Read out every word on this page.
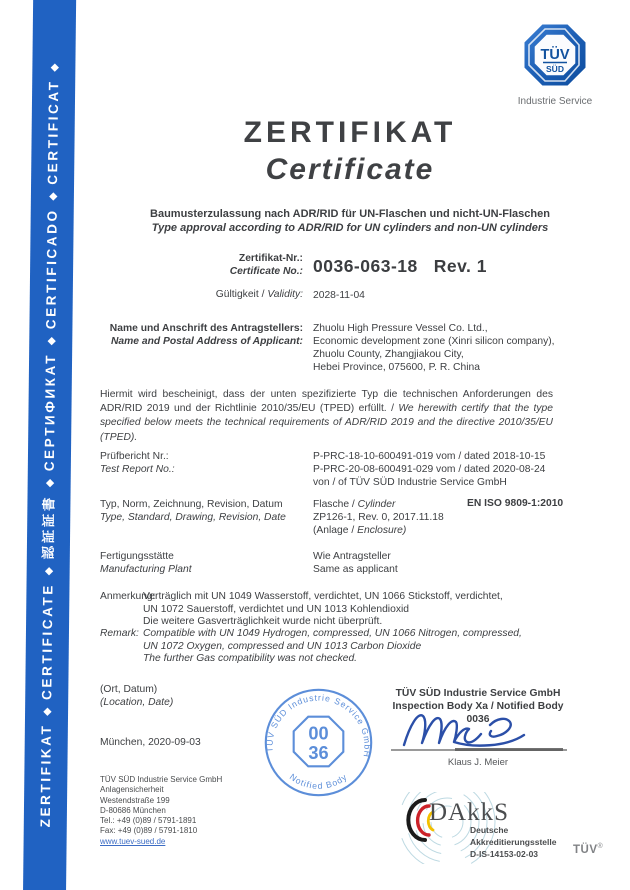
ZERTIFIKAT◆CERTIFICATE◆認証証書◆СЕРТИФИКАТ◆CERTIFICADO◆CERTIFICAT◆
TÜV
SÜD
Industrie Service
ZERTIFIKAT
Certificate
Baumusterzulassung nach ADR/RID für UN-Flaschen und nicht-UN-Flaschen
Type approval according to ADR/RID for UN cylinders and non-UN cylinders
Zertifikat-Nr.:
Certificate No.: 0036-063-18 Rev. 1
Gültigkeit / Validity: 2028-11-04
Name und Anschrift des Antragstellers:
Name and Postal Address of Applicant:
Zhuolu High Pressure Vessel Co. Ltd.,
Economic development zone (Xinri silicon company),
Zhuolu County, Zhangjiakou City,
Hebei Province, 075600, P. R. China
Hiermit wird bescheinigt, dass der unten spezifizierte Typ die technischen Anforderungen des ADR/RID 2019 und der Richtlinie 2010/35/EU (TPED) erfüllt. / We herewith certify that the type specified below meets the technical requirements of ADR/RID 2019 and the directive 2010/35/EU (TPED).
Prüfbericht Nr.:
Test Report No.:
P-PRC-18-10-600491-019 vom / dated 2018-10-15
P-PRC-20-08-600491-029 vom / dated 2020-08-24
von / of TÜV SÜD Industrie Service GmbH
Typ, Norm, Zeichnung, Revision, Datum
Type, Standard, Drawing, Revision, Date
Flasche / Cylinder
ZP126-1, Rev. 0, 2017.11.18
(Anlage / Enclosure)
EN ISO 9809-1:2010
Fertigungsstätte
Manufacturing Plant
Wie Antragsteller
Same as applicant
Anmerkung:
Verträglich mit UN 1049 Wasserstoff, verdichtet, UN 1066 Stickstoff, verdichtet,
UN 1072 Sauerstoff, verdichtet und UN 1013 Kohlendioxid
Die weitere Gasverträglichkeit wurde nicht überprüft.
Remark: Compatible with UN 1049 Hydrogen, compressed, UN 1066 Nitrogen, compressed,
UN 1072 Oxygen, compressed and UN 1013 Carbon Dioxide
The further Gas compatibility was not checked.
(Ort, Datum)
(Location, Date)
München, 2020-09-03
TÜV SÜD Industrie Service GmbH
Anlagensicherheit
Westendstraße 199
D-80686 München
Tel.: +49 (0)89 / 5791-1891
Fax: +49 (0)89 / 5791-1810
www.tuev-sued.de
TÜV SÜD Industrie Service GmbH
Notified Body
00
36
TÜV SÜD Industrie Service GmbH
Inspection Body Xa / Notified Body 0036
Klaus J. Meier
DAkkS
Deutsche
Akkreditierungsstelle
D-IS-14153-02-03	TÜV®
